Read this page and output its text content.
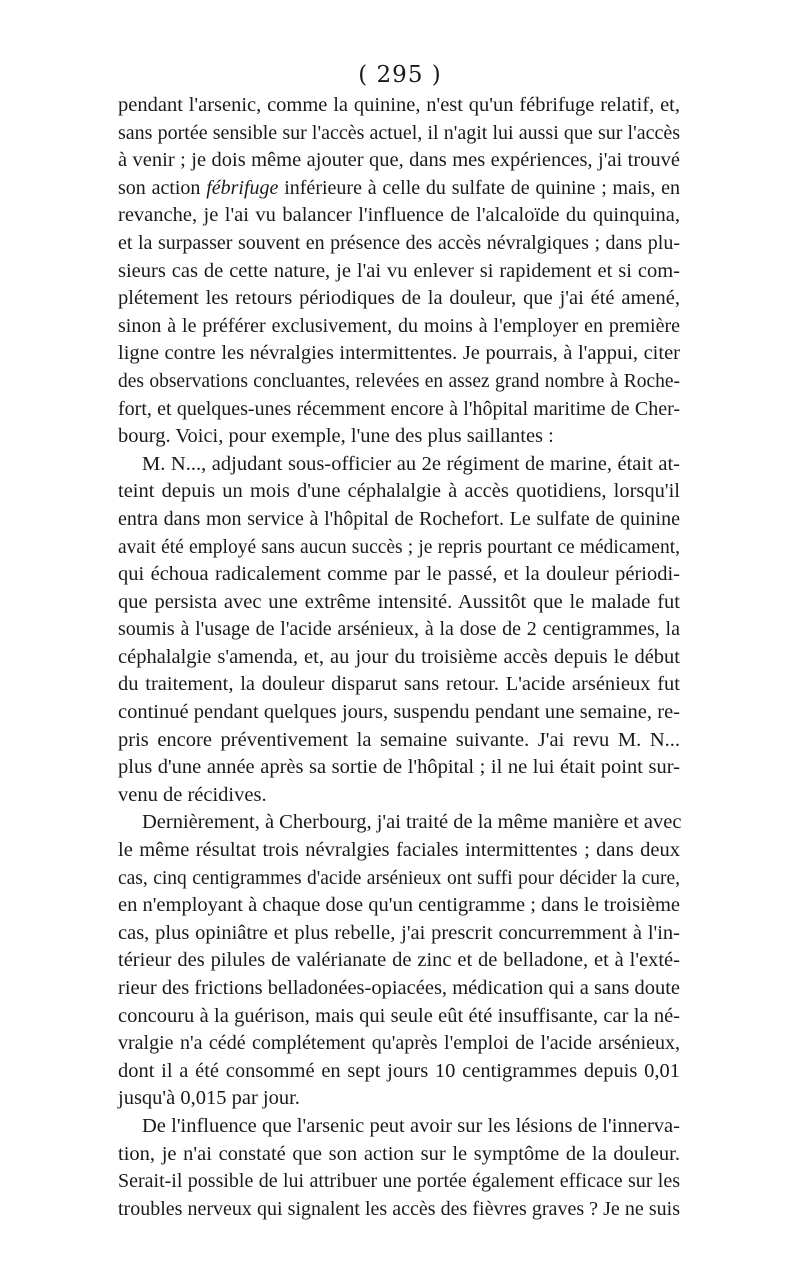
( 295 )
pendant l'arsenic, comme la quinine, n'est qu'un fébrifuge relatif, et,
sans portée sensible sur l'accès actuel, il n'agit lui aussi que sur l'accès
à venir ; je dois même ajouter que, dans mes expériences, j'ai trouvé
son action fébrifuge inférieure à celle du sulfate de quinine ; mais, en
revanche, je l'ai vu balancer l'influence de l'alcaloïde du quinquina,
et la surpasser souvent en présence des accès névralgiques ; dans plu-
sieurs cas de cette nature, je l'ai vu enlever si rapidement et si com-
plétement les retours périodiques de la douleur, que j'ai été amené,
sinon à le préférer exclusivement, du moins à l'employer en première
ligne contre les névralgies intermittentes. Je pourrais, à l'appui, citer
des observations concluantes, relevées en assez grand nombre à Roche-
fort, et quelques-unes récemment encore à l'hôpital maritime de Cher-
bourg. Voici, pour exemple, l'une des plus saillantes :
M. N..., adjudant sous-officier au 2e régiment de marine, était at-
teint depuis un mois d'une céphalalgie à accès quotidiens, lorsqu'il
entra dans mon service à l'hôpital de Rochefort. Le sulfate de quinine
avait été employé sans aucun succès ; je repris pourtant ce médicament,
qui échoua radicalement comme par le passé, et la douleur périodi-
que persista avec une extrême intensité. Aussitôt que le malade fut
soumis à l'usage de l'acide arsénieux, à la dose de 2 centigrammes, la
céphalalgie s'amenda, et, au jour du troisième accès depuis le début
du traitement, la douleur disparut sans retour. L'acide arsénieux fut
continué pendant quelques jours, suspendu pendant une semaine, re-
pris encore préventivement la semaine suivante. J'ai revu M. N...
plus d'une année après sa sortie de l'hôpital ; il ne lui était point sur-
venu de récidives.
Dernièrement, à Cherbourg, j'ai traité de la même manière et avec
le même résultat trois névralgies faciales intermittentes ; dans deux
cas, cinq centigrammes d'acide arsénieux ont suffi pour décider la cure,
en n'employant à chaque dose qu'un centigramme ; dans le troisième
cas, plus opiniâtre et plus rebelle, j'ai prescrit concurremment à l'in-
térieur des pilules de valérianate de zinc et de belladone, et à l'exté-
rieur des frictions belladonées-opiacées, médication qui a sans doute
concouru à la guérison, mais qui seule eût été insuffisante, car la né-
vralgie n'a cédé complétement qu'après l'emploi de l'acide arsénieux,
dont il a été consommé en sept jours 10 centigrammes depuis 0,01
jusqu'à 0,015 par jour.
De l'influence que l'arsenic peut avoir sur les lésions de l'innerva-
tion, je n'ai constaté que son action sur le symptôme de la douleur.
Serait-il possible de lui attribuer une portée également efficace sur les
troubles nerveux qui signalent les accès des fièvres graves ? Je ne suis
